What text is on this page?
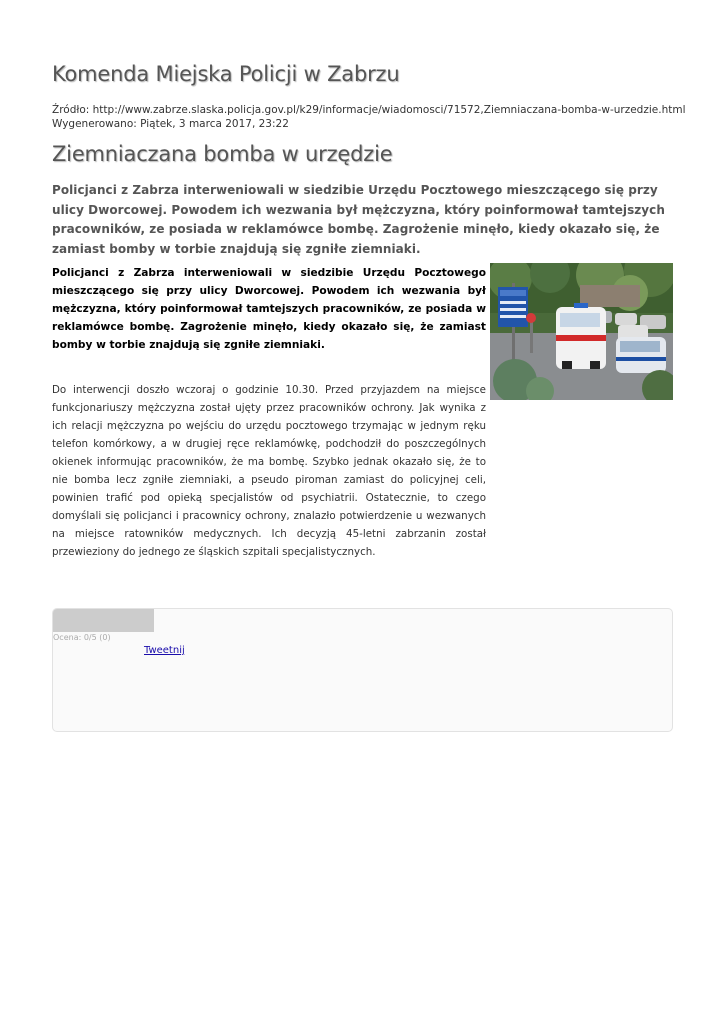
Komenda Miejska Policji w Zabrzu
Źródło: http://www.zabrze.slaska.policja.gov.pl/k29/informacje/wiadomosci/71572,Ziemniaczana-bomba-w-urzedzie.html
Wygenerowano: Piątek, 3 marca 2017, 23:22
Ziemniaczana bomba w urzędzie
Policjanci z Zabrza interweniowali w siedzibie Urzędu Pocztowego mieszczącego się przy ulicy Dworcowej. Powodem ich wezwania był mężczyzna, który poinformował tamtejszych pracowników, ze posiada w reklamówce bombę. Zagrożenie minęło, kiedy okazało się, że zamiast bomby w torbie znajdują się zgniłe ziemniaki.
Policjanci z Zabrza interweniowali w siedzibie Urzędu Pocztowego mieszczącego się przy ulicy Dworcowej. Powodem ich wezwania był mężczyzna, który poinformował tamtejszych pracowników, ze posiada w reklamówce bombę. Zagrożenie minęło, kiedy okazało się, że zamiast bomby w torbie znajdują się zgniłe ziemniaki.
Do interwencji doszło wczoraj o godzinie 10.30. Przed przyjazdem na miejsce funkcjonariuszy mężczyzna został ujęty przez pracowników ochrony. Jak wynika z ich relacji mężczyzna po wejściu do urzędu pocztowego trzymając w jednym ręku telefon komórkowy, a w drugiej ręce reklamówkę, podchodził do poszczególnych okienek informując pracowników, że ma bombę. Szybko jednak okazało się, że to nie bomba lecz zgniłe ziemniaki, a pseudo piroman zamiast do policyjnej celi, powinien trafić pod opieką specjalistów od psychiatrii. Ostatecznie, to czego domyślali się policjanci i pracownicy ochrony, znalazło potwierdzenie u wezwanych na miejsce ratowników medycznych. Ich decyzją 45-letni zabrzanin został przewieziony do jednego ze śląskich szpitali specjalistycznych.
Ocena: 0/5 (0)
Tweetnij
